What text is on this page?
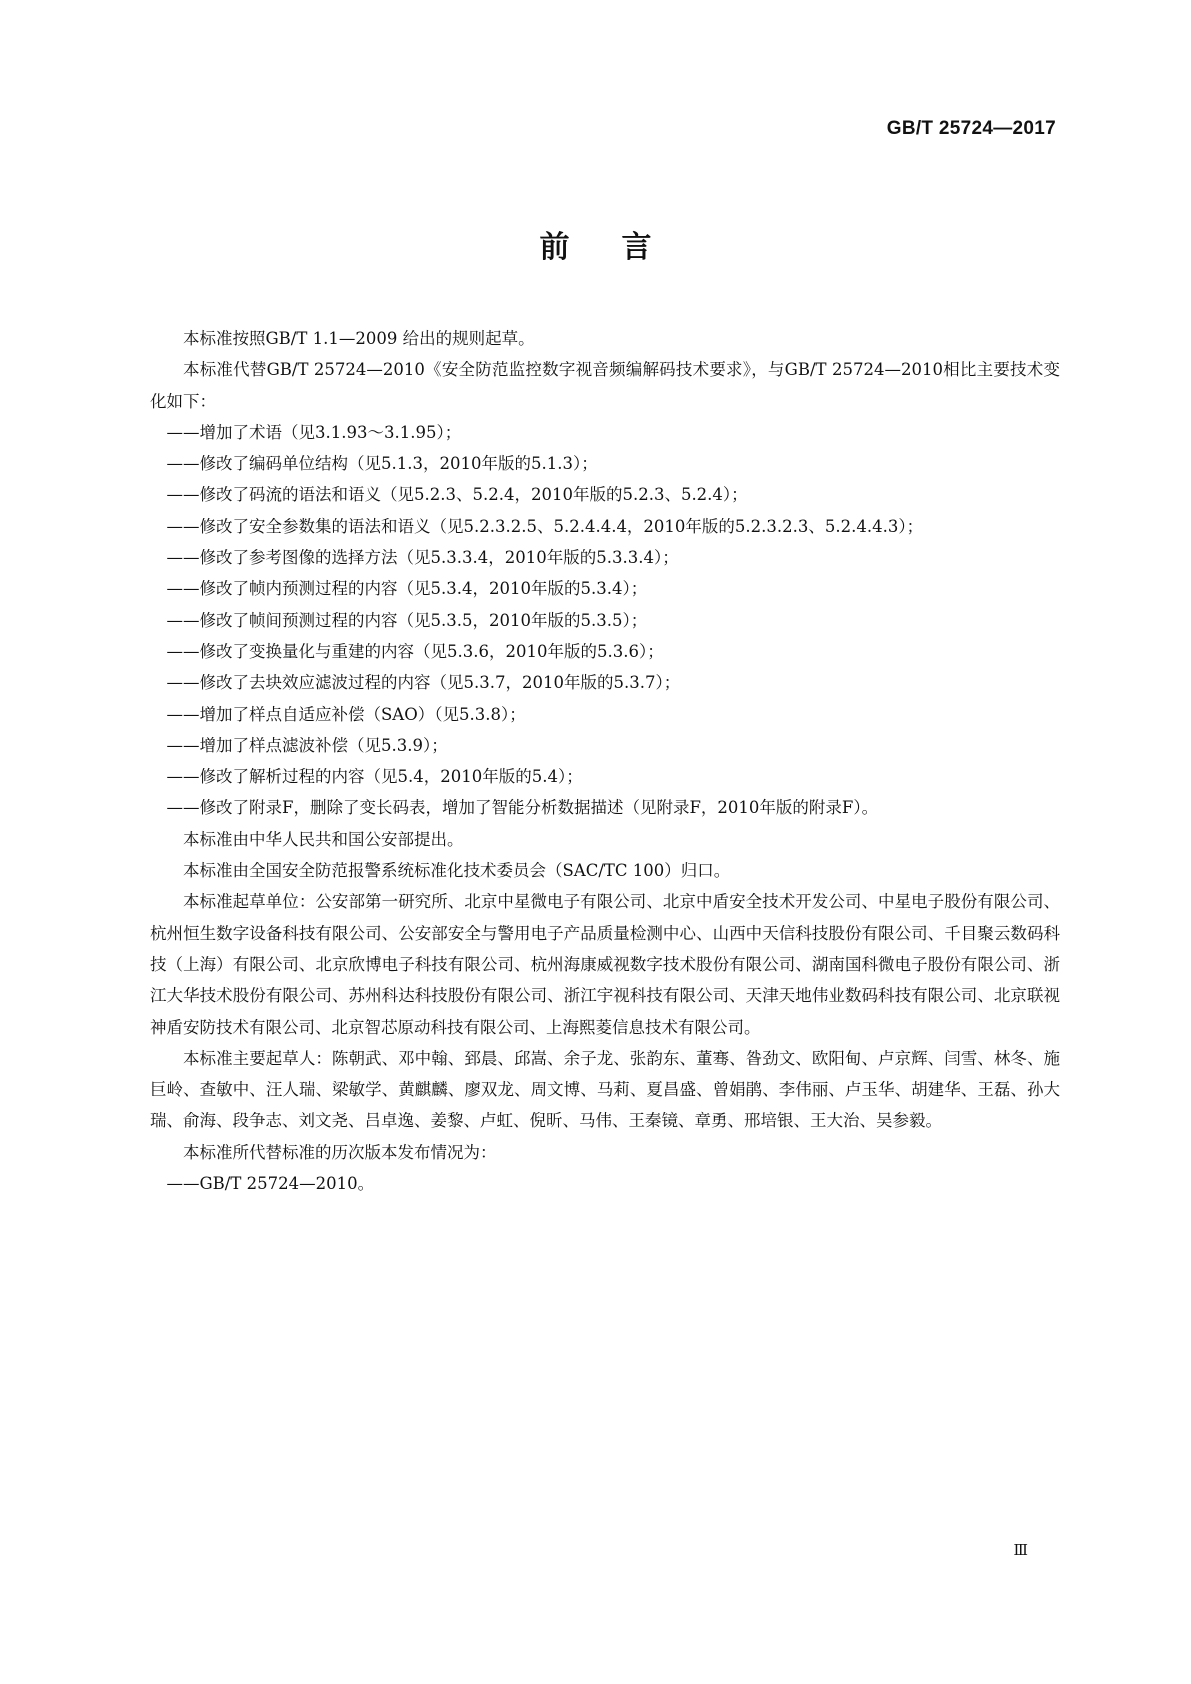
GB/T 25724—2017
前言

本标准按照GB/T 1.1—2009 给出的规则起草。

本标准代替GB/T 25724—2010《安全防范监控数字视音频编解码技术要求》，与GB/T 25724—2010相比主要技术变化如下：

——增加了术语（见3.1.93～3.1.95）；

——修改了编码单位结构（见5.1.3，2010年版的5.1.3）；

——修改了码流的语法和语义（见5.2.3、5.2.4，2010年版的5.2.3、5.2.4）；

——修改了安全参数集的语法和语义（见5.2.3.2.5、5.2.4.4.4，2010年版的5.2.3.2.3、5.2.4.4.3）；

——修改了参考图像的选择方法（见5.3.3.4，2010年版的5.3.3.4）；

——修改了帧内预测过程的内容（见5.3.4，2010年版的5.3.4）；

——修改了帧间预测过程的内容（见5.3.5，2010年版的5.3.5）；

——修改了变换量化与重建的内容（见5.3.6，2010年版的5.3.6）；

——修改了去块效应滤波过程的内容（见5.3.7，2010年版的5.3.7）；

——增加了样点自适应补偿（SAO）（见5.3.8）；

——增加了样点滤波补偿（见5.3.9）；

——修改了解析过程的内容（见5.4，2010年版的5.4）；

——修改了附录F，删除了变长码表，增加了智能分析数据描述（见附录F，2010年版的附录F）。

本标准由中华人民共和国公安部提出。

本标准由全国安全防范报警系统标准化技术委员会（SAC/TC 100）归口。

本标准起草单位：公安部第一研究所、北京中星微电子有限公司、北京中盾安全技术开发公司、中星电子股份有限公司、杭州恒生数字设备科技有限公司、公安部安全与警用电子产品质量检测中心、山西中天信科技股份有限公司、千目聚云数码科技（上海）有限公司、北京欣博电子科技有限公司、杭州海康威视数字技术股份有限公司、湖南国科微电子股份有限公司、浙江大华技术股份有限公司、苏州科达科技股份有限公司、浙江宇视科技有限公司、天津天地伟业数码科技有限公司、北京联视神盾安防技术有限公司、北京智芯原动科技有限公司、上海熙菱信息技术有限公司。

本标准主要起草人：陈朝武、邓中翰、郅晨、邱嵩、余子龙、张韵东、董骞、昝劲文、欧阳甸、卢京辉、闫雪、林冬、施巨岭、查敏中、汪人瑞、梁敏学、黄麒麟、廖双龙、周文博、马莉、夏昌盛、曾娟鹃、李伟丽、卢玉华、胡建华、王磊、孙大瑞、俞海、段争志、刘文尧、吕卓逸、姜黎、卢虹、倪昕、马伟、王秦镜、章勇、邢培银、王大治、吴参毅。

本标准所代替标准的历次版本发布情况为：

——GB/T 25724—2010。

Ⅲ
